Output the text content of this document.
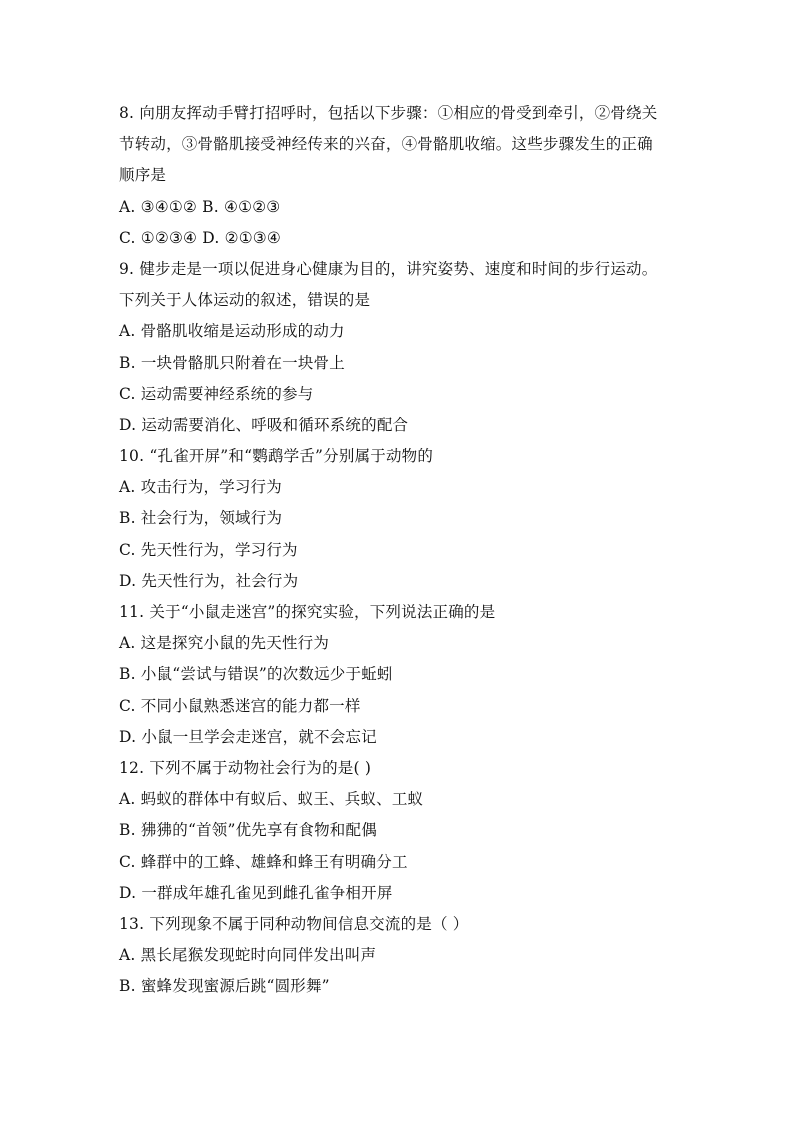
8. 向朋友挥动手臂打招呼时，包括以下步骤：①相应的骨受到牵引，②骨绕关
节转动，③骨骼肌接受神经传来的兴奋，④骨骼肌收缩。这些步骤发生的正确
顺序是
A. ③④①② B. ④①②③
C. ①②③④ D. ②①③④
9. 健步走是一项以促进身心健康为目的，讲究姿势、速度和时间的步行运动。
下列关于人体运动的叙述，错误的是
A. 骨骼肌收缩是运动形成的动力
B. 一块骨骼肌只附着在一块骨上
C. 运动需要神经系统的参与
D. 运动需要消化、呼吸和循环系统的配合
10. “孔雀开屏”和“鹦鹉学舌”分别属于动物的
A. 攻击行为，学习行为
B. 社会行为，领域行为
C. 先天性行为，学习行为
D. 先天性行为，社会行为
11. 关于“小鼠走迷宫”的探究实验，下列说法正确的是
A. 这是探究小鼠的先天性行为
B. 小鼠“尝试与错误”的次数远少于蚯蚓
C. 不同小鼠熟悉迷宫的能力都一样
D. 小鼠一旦学会走迷宫，就不会忘记
12. 下列不属于动物社会行为的是( )
A. 蚂蚁的群体中有蚁后、蚁王、兵蚁、工蚁
B. 狒狒的“首领”优先享有食物和配偶
C. 蜂群中的工蜂、雄蜂和蜂王有明确分工
D. 一群成年雄孔雀见到雌孔雀争相开屏
13. 下列现象不属于同种动物间信息交流的是（ ）
A. 黑长尾猴发现蛇时向同伴发出叫声
B. 蜜蜂发现蜜源后跳“圆形舞”
